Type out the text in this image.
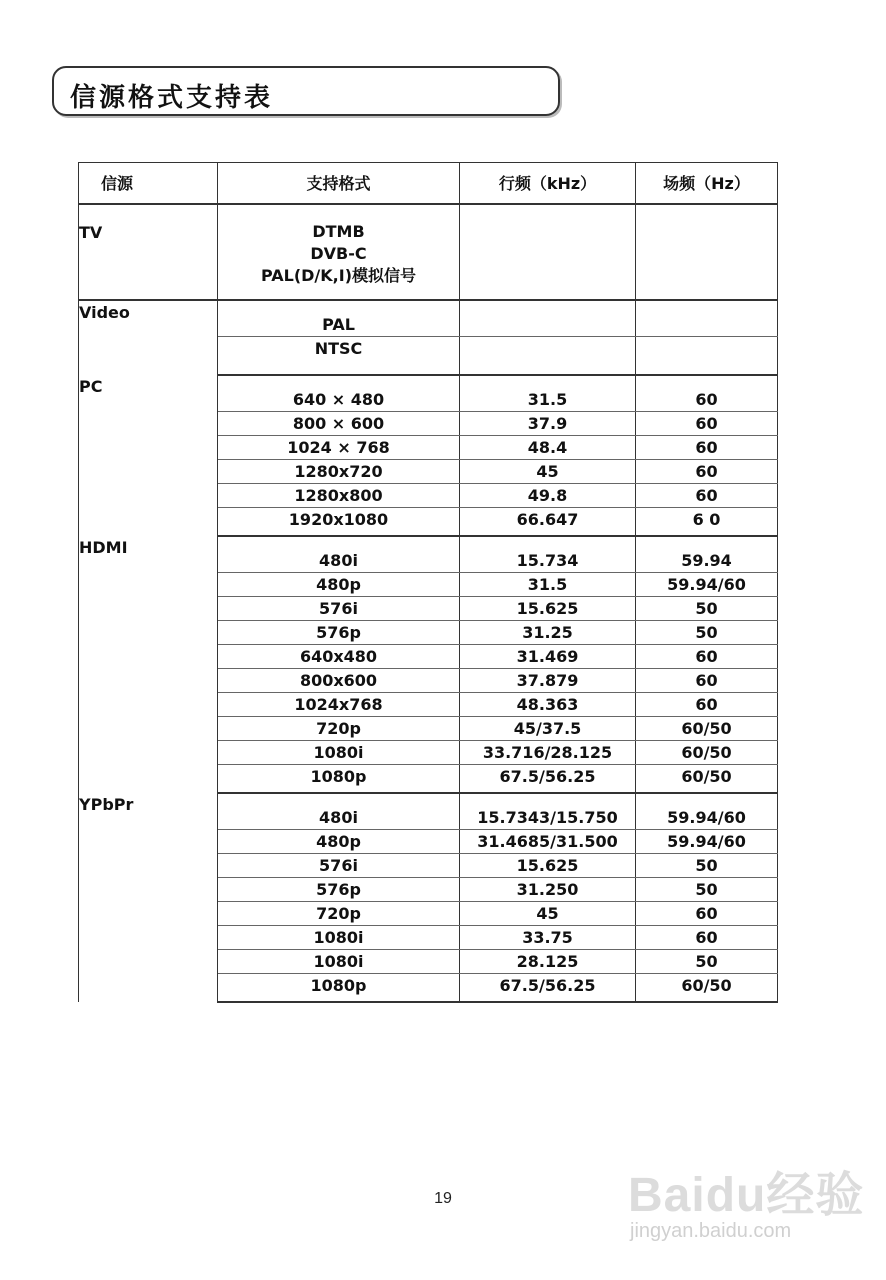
信源格式支持表
信源	支持格式	行频（kHz）	场频（Hz）
TV	DTMB
DVB-C
PAL(D/K,I)模拟信号		

Video	PAL		
	NTSC		
PC	640 × 480	31.5	60
	800 × 600	37.9	60
	1024 × 768	48.4	60
	1280x720	45	60
	1280x800	49.8	60
	1920x1080	66.647	6 0
HDMI	480i	15.734	59.94
	480p	31.5	59.94/60
	576i	15.625	50
	576p	31.25	50
	640x480	31.469	60
	800x600	37.879	60
	1024x768	48.363	60
	720p	45/37.5	60/50
	1080i	33.716/28.125	60/50
	1080p	67.5/56.25	60/50
YPbPr	480i	15.7343/15.750	59.94/60
	480p	31.4685/31.500	59.94/60
	576i	15.625	50
	576p	31.250	50
	720p	45	60
	1080i	33.75	60
	1080i	28.125	50
	1080p	67.5/56.25	60/50
19	Baidu经验
jingyan.baidu.com
